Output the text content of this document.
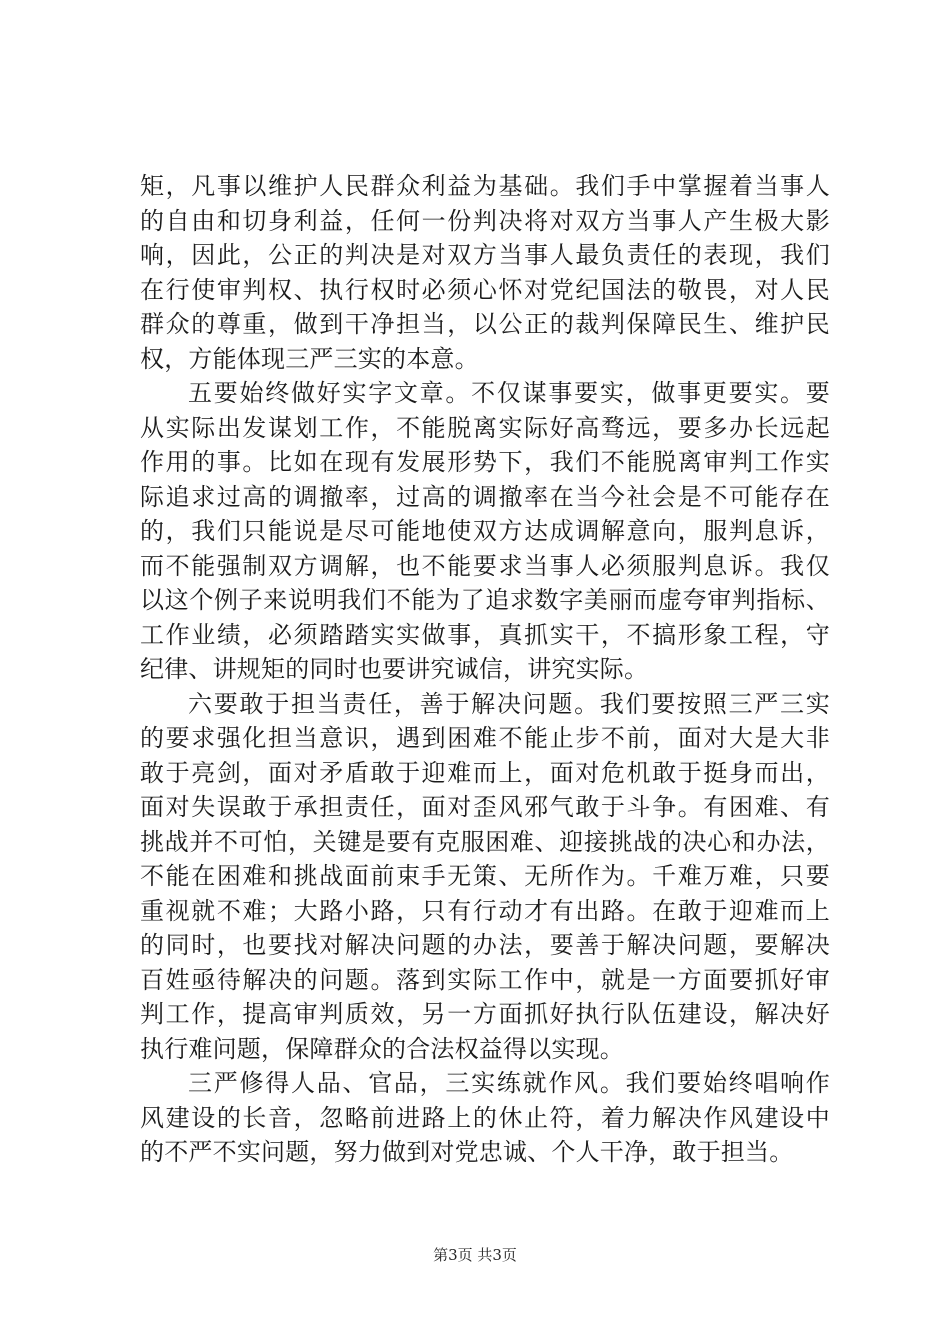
矩，凡事以维护人民群众利益为基础。我们手中掌握着当事人
的自由和切身利益，任何一份判决将对双方当事人产生极大影
响，因此，公正的判决是对双方当事人最负责任的表现，我们
在行使审判权、执行权时必须心怀对党纪国法的敬畏，对人民
群众的尊重，做到干净担当，以公正的裁判保障民生、维护民
权，方能体现三严三实的本意。
五要始终做好实字文章。不仅谋事要实，做事更要实。要
从实际出发谋划工作，不能脱离实际好高骛远，要多办长远起
作用的事。比如在现有发展形势下，我们不能脱离审判工作实
际追求过高的调撤率，过高的调撤率在当今社会是不可能存在
的，我们只能说是尽可能地使双方达成调解意向，服判息诉，
而不能强制双方调解，也不能要求当事人必须服判息诉。我仅
以这个例子来说明我们不能为了追求数字美丽而虚夸审判指标、
工作业绩，必须踏踏实实做事，真抓实干，不搞形象工程，守
纪律、讲规矩的同时也要讲究诚信，讲究实际。
六要敢于担当责任，善于解决问题。我们要按照三严三实
的要求强化担当意识，遇到困难不能止步不前，面对大是大非
敢于亮剑，面对矛盾敢于迎难而上，面对危机敢于挺身而出，
面对失误敢于承担责任，面对歪风邪气敢于斗争。有困难、有
挑战并不可怕，关键是要有克服困难、迎接挑战的决心和办法，
不能在困难和挑战面前束手无策、无所作为。千难万难，只要
重视就不难；大路小路，只有行动才有出路。在敢于迎难而上
的同时，也要找对解决问题的办法，要善于解决问题，要解决
百姓亟待解决的问题。落到实际工作中，就是一方面要抓好审
判工作，提高审判质效，另一方面抓好执行队伍建设，解决好
执行难问题，保障群众的合法权益得以实现。
三严修得人品、官品，三实练就作风。我们要始终唱响作
风建设的长音，忽略前进路上的休止符，着力解决作风建设中
的不严不实问题，努力做到对党忠诚、个人干净，敢于担当。
第3页 共3页
